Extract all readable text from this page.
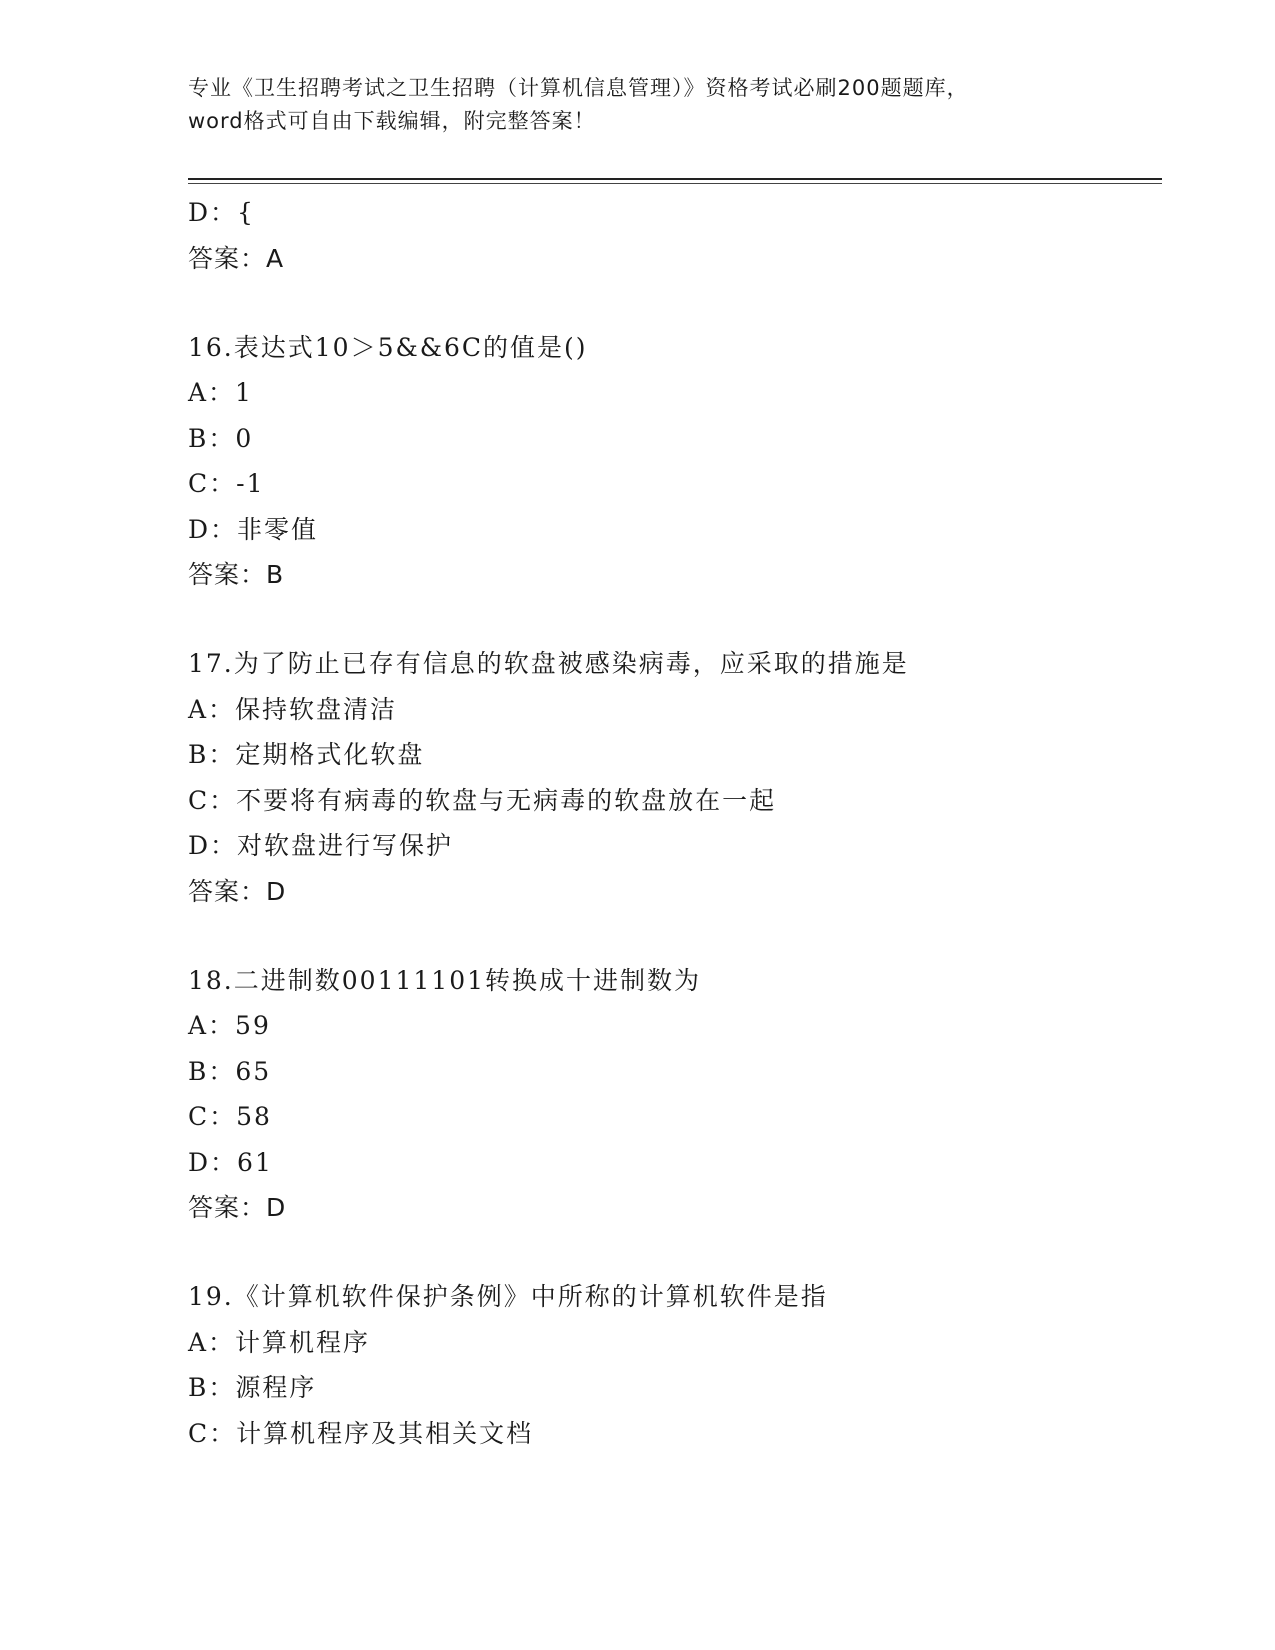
专业《卫生招聘考试之卫生招聘（计算机信息管理）》资格考试必刷200题题库，
word格式可自由下载编辑，附完整答案！
D：{
答案：A
16.表达式10＞5&&6C的值是()
A：1
B：0
C：-1
D：非零值
答案：B
17.为了防止已存有信息的软盘被感染病毒，应采取的措施是
A：保持软盘清洁
B：定期格式化软盘
C：不要将有病毒的软盘与无病毒的软盘放在一起
D：对软盘进行写保护
答案：D
18.二进制数00111101转换成十进制数为
A：59
B：65
C：58
D：61
答案：D
19.《计算机软件保护条例》中所称的计算机软件是指
A：计算机程序
B：源程序
C：计算机程序及其相关文档
